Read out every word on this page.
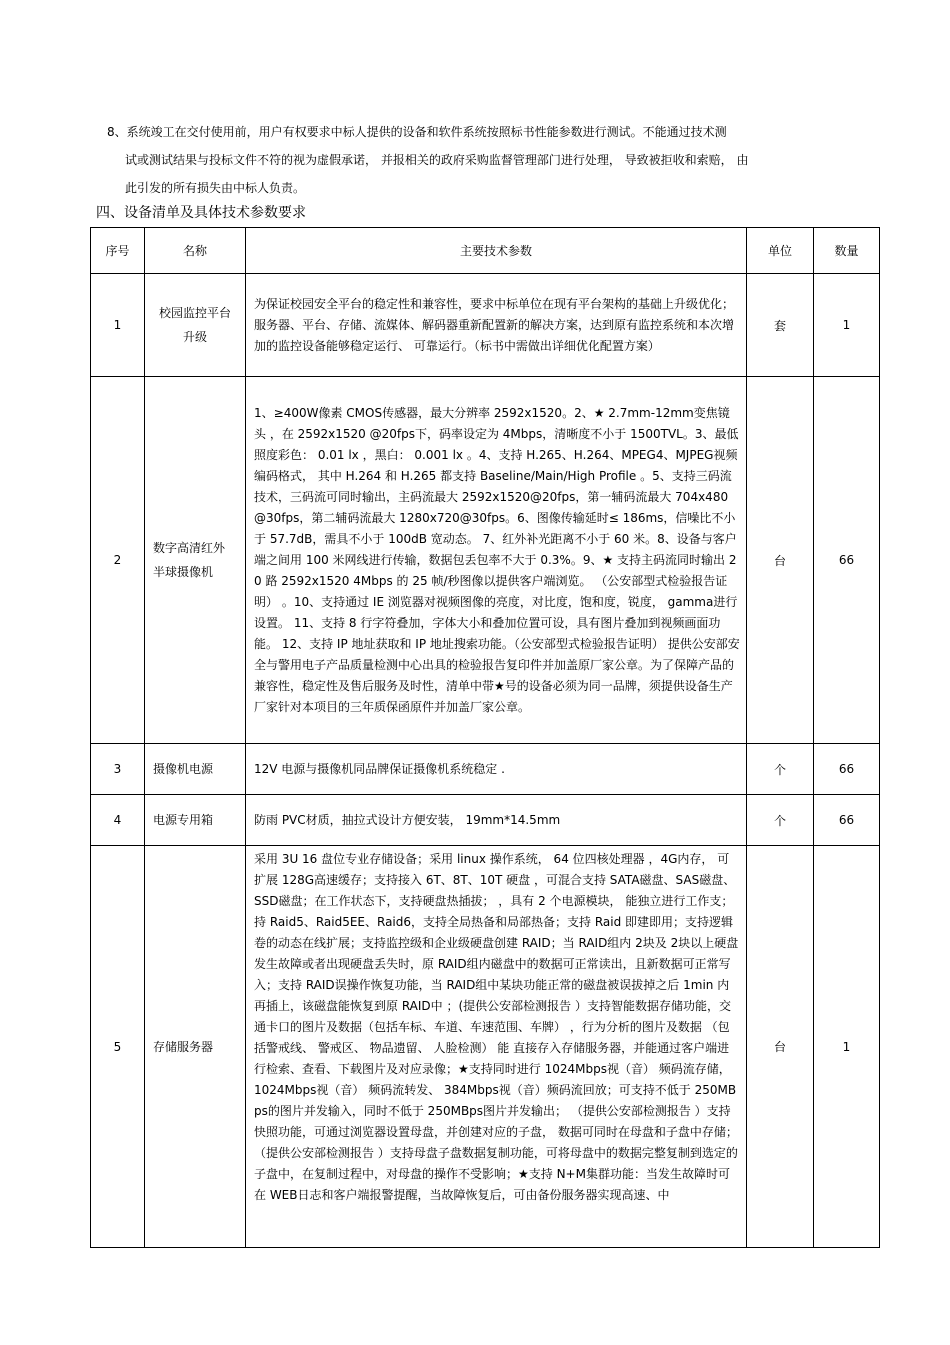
8、系统竣工在交付使用前，用户有权要求中标人提供的设备和软件系统按照标书性能参数进行测试。不能通过技术测
试或测试结果与投标文件不符的视为虚假承诺， 并报相关的政府采购监督管理部门进行处理， 导致被拒收和索赔， 由
此引发的所有损失由中标人负责。
四、设备清单及具体技术参数要求
序号	名称	主要技术参数	单位	数量
1	校园监控平台升级	为保证校园安全平台的稳定性和兼容性，要求中标单位在现有平台架构的基础上升级优化；服务器、平台、存储、流媒体、解码器重新配置新的解决方案，达到原有监控系统和本次增加的监控设备能够稳定运行、 可靠运行。（标书中需做出详细优化配置方案）	套	1
2	数字高清红外半球摄像机	1、≥400W像素 CMOS传感器，最大分辨率 2592x1520。2、★ 2.7mm-12mm变焦镜头 ，在 2592x1520 @20fps下，码率设定为 4Mbps，清晰度不小于 1500TVL。3、最低照度彩色： 0.01 lx ，黑白： 0.001 lx 。4、支持 H.265、H.264、MPEG4、MJPEG视频编码格式， 其中 H.264 和 H.265 都支持 Baseline/Main/High Profile 。5、支持三码流技术，三码流可同时输出，主码流最大 2592x1520@20fps，第一辅码流最大 704x480 @30fps，第二辅码流最大 1280x720@30fps。6、图像传输延时≤ 186ms，信噪比不小于 57.7dB，需具不小于 100dB 宽动态。 7、红外补光距离不小于 60 米。8、设备与客户端之间用 100 米网线进行传输，数据包丢包率不大于 0.3%。9、★ 支持主码流同时输出 20 路 2592x1520 4Mbps 的 25 帧/秒图像以提供客户端浏览。 （公安部型式检验报告证明） 。10、支持通过 IE 浏览器对视频图像的亮度，对比度，饱和度，锐度， gamma进行设置。 11、支持 8 行字符叠加，字体大小和叠加位置可设，具有图片叠加到视频画面功能。 12、支持 IP 地址获取和 IP 地址搜索功能。（公安部型式检验报告证明） 提供公安部安全与警用电子产品质量检测中心出具的检验报告复印件并加盖原厂家公章。为了保障产品的兼容性，稳定性及售后服务及时性，清单中带★号的设备必须为同一品牌，须提供设备生产厂家针对本项目的三年质保函原件并加盖厂家公章。	台	66
3	摄像机电源	12V 电源与摄像机同品牌保证摄像机系统稳定 .	个	66
4	电源专用箱	防雨 PVC材质，抽拉式设计方便安装， 19mm*14.5mm	个	66
5	存储服务器	采用 3U 16 盘位专业存储设备；采用 linux 操作系统， 64 位四核处理器 ，4G内存， 可扩展 128G高速缓存；支持接入 6T、8T、10T 硬盘 ，可混合支持 SATA磁盘、SAS磁盘、SSD磁盘；在工作状态下，支持硬盘热插拔； ，具有 2 个电源模块， 能独立进行工作支；持 Raid5、Raid5EE、Raid6，支持全局热备和局部热备；支持 Raid 即建即用；支持逻辑卷的动态在线扩展；支持监控级和企业级硬盘创建 RAID；当 RAID组内 2块及 2块以上硬盘发生故障或者出现硬盘丢失时，原 RAID组内磁盘中的数据可正常读出，且新数据可正常写入；支持 RAID误操作恢复功能，当 RAID组中某块功能正常的磁盘被误拔掉之后 1min 内再插上，该磁盘能恢复到原 RAID中 ；(提供公安部检测报告 ）支持智能数据存储功能，交通卡口的图片及数据（包括车标、车道、车速范围、车牌） ，行为分析的图片及数据 （包括警戒线、 警戒区、 物品遗留、 人脸检测） 能 直接存入存储服务器，并能通过客户端进行检索、查看、下载图片及对应录像；★支持同时进行 1024Mbps视（音） 频码流存储， 1024Mbps视（音） 频码流转发、 384Mbps视（音）频码流回放；可支持不低于 250MBps的图片并发输入，同时不低于 250MBps图片并发输出； （提供公安部检测报告 ）支持快照功能，可通过浏览器设置母盘，并创建对应的子盘， 数据可同时在母盘和子盘中存储； （提供公安部检测报告 ）支持母盘子盘数据复制功能，可将母盘中的数据完整复制到选定的子盘中，在复制过程中，对母盘的操作不受影响；★支持 N+M集群功能：当发生故障时可在 WEB日志和客户端报警提醒，当故障恢复后，可由备份服务器实现高速、中	台	1
